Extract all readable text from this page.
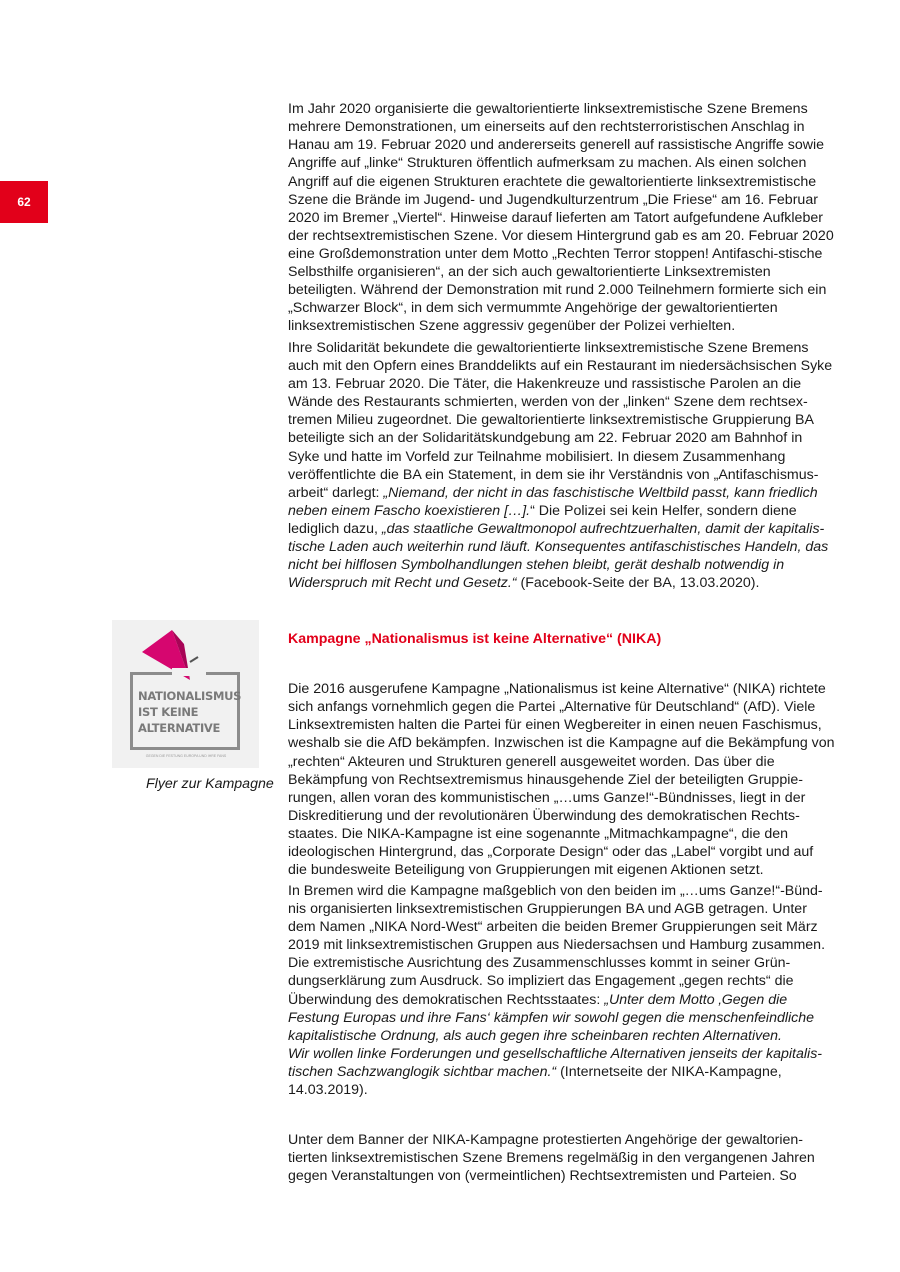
62

Im Jahr 2020 organisierte die gewaltorientierte linksextremistische Szene Bremens mehrere Demonstrationen, um einerseits auf den rechtsterroristischen Anschlag in Hanau am 19. Februar 2020 und andererseits generell auf rassistische Angriffe sowie Angriffe auf „linke“ Strukturen öffentlich aufmerksam zu machen. Als einen solchen Angriff auf die eigenen Strukturen erachtete die gewaltorientierte linksextremistische Szene die Brände im Jugend- und Jugendkulturzentrum „Die Friese“ am 16. Februar 2020 im Bremer „Viertel“. Hinweise darauf lieferten am Tatort aufgefundene Aufkleber der rechtsextremistischen Szene. Vor diesem Hintergrund gab es am 20. Februar 2020 eine Großdemonstration unter dem Motto „Rechten Terror stoppen! Antifaschi-stische Selbsthilfe organisieren“, an der sich auch gewaltorientierte Linksextremisten beteiligten. Während der Demonstration mit rund 2.000 Teilnehmern formierte sich ein „Schwarzer Block“, in dem sich vermummte Angehörige der gewaltorientierten linksextremistischen Szene aggressiv gegenüber der Polizei verhielten.

Ihre Solidarität bekundete die gewaltorientierte linksextremistische Szene Bremens auch mit den Opfern eines Branddelikts auf ein Restaurant im niedersächsischen Syke am 13. Februar 2020. Die Täter, die Hakenkreuze und rassistische Parolen an die Wände des Restaurants schmierten, werden von der „linken“ Szene dem rechtsex-tremen Milieu zugeordnet. Die gewaltorientierte linksextremistische Gruppierung BA beteiligte sich an der Solidaritätskundgebung am 22. Februar 2020 am Bahnhof in Syke und hatte im Vorfeld zur Teilnahme mobilisiert. In diesem Zusammenhang veröffentlichte die BA ein Statement, in dem sie ihr Verständnis von „Antifaschismus-arbeit“ darlegt: „Niemand, der nicht in das faschistische Weltbild passt, kann friedlich neben einem Fascho koexistieren […].“ Die Polizei sei kein Helfer, sondern diene lediglich dazu, „das staatliche Gewaltmonopol aufrechtzuerhalten, damit der kapitalis-tische Laden auch weiterhin rund läuft. Konsequentes antifaschistisches Handeln, das nicht bei hilflosen Symbolhandlungen stehen bleibt, gerät deshalb notwendig in Widerspruch mit Recht und Gesetz.“ (Facebook-Seite der BA, 13.03.2020).

Kampagne „Nationalismus ist keine Alternative“ (NIKA)
NATIONALISMUS
IST KEINE
ALTERNATIVE
GEGEN DIE FESTUNG EUROPA UND IHRE FANS
Flyer zur Kampagne

Die 2016 ausgerufene Kampagne „Nationalismus ist keine Alternative“ (NIKA) richtete sich anfangs vornehmlich gegen die Partei „Alternative für Deutschland“ (AfD). Viele Linksextremisten halten die Partei für einen Wegbereiter in einen neuen Faschismus, weshalb sie die AfD bekämpfen. Inzwischen ist die Kampagne auf die Bekämpfung von „rechten“ Akteuren und Strukturen generell ausgeweitet worden. Das über die Bekämpfung von Rechtsextremismus hinausgehende Ziel der beteiligten Gruppie-rungen, allen voran des kommunistischen „…ums Ganze!“-Bündnisses, liegt in der Diskreditierung und der revolutionären Überwindung des demokratischen Rechts-staates. Die NIKA-Kampagne ist eine sogenannte „Mitmachkampagne“, die den ideologischen Hintergrund, das „Corporate Design“ oder das „Label“ vorgibt und auf die bundesweite Beteiligung von Gruppierungen mit eigenen Aktionen setzt.

In Bremen wird die Kampagne maßgeblich von den beiden im „…ums Ganze!“-Bünd-nis organisierten linksextremistischen Gruppierungen BA und AGB getragen. Unter dem Namen „NIKA Nord-West“ arbeiten die beiden Bremer Gruppierungen seit März 2019 mit linksextremistischen Gruppen aus Niedersachsen und Hamburg zusammen. Die extremistische Ausrichtung des Zusammenschlusses kommt in seiner Grün-dungserklärung zum Ausdruck. So impliziert das Engagement „gegen rechts“ die Überwindung des demokratischen Rechtsstaates: „Unter dem Motto ‚Gegen die Festung Europas und ihre Fans‘ kämpfen wir sowohl gegen die menschenfeindliche kapitalistische Ordnung, als auch gegen ihre scheinbaren rechten Alternativen.
Wir wollen linke Forderungen und gesellschaftliche Alternativen jenseits der kapitalis-tischen Sachzwanglogik sichtbar machen.“ (Internetseite der NIKA-Kampagne, 14.03.2019).

Unter dem Banner der NIKA-Kampagne protestierten Angehörige der gewaltorien-tierten linksextremistischen Szene Bremens regelmäßig in den vergangenen Jahren gegen Veranstaltungen von (vermeintlichen) Rechtsextremisten und Parteien. So
